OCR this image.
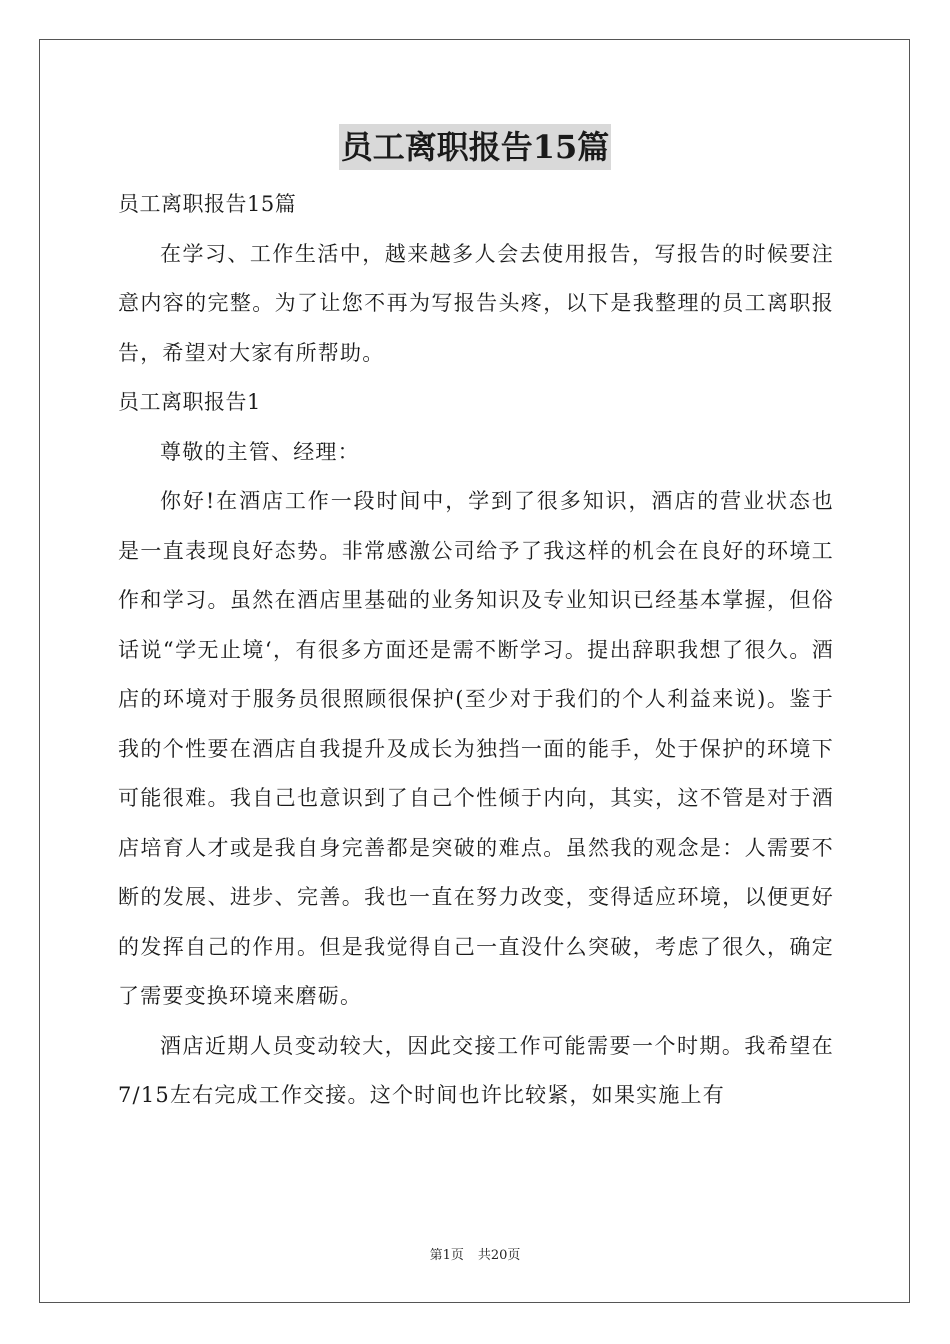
员工离职报告15篇

员工离职报告15篇

在学习、工作生活中，越来越多人会去使用报告，写报告的时候要注意内容的完整。为了让您不再为写报告头疼，以下是我整理的员工离职报告，希望对大家有所帮助。

员工离职报告1

尊敬的主管、经理：

你好!在酒店工作一段时间中，学到了很多知识，酒店的营业状态也是一直表现良好态势。非常感激公司给予了我这样的机会在良好的环境工作和学习。虽然在酒店里基础的业务知识及专业知识已经基本掌握，但俗话说“学无止境‘，有很多方面还是需不断学习。提出辞职我想了很久。酒店的环境对于服务员很照顾很保护(至少对于我们的个人利益来说)。鉴于我的个性要在酒店自我提升及成长为独挡一面的能手，处于保护的环境下可能很难。我自己也意识到了自己个性倾于内向，其实，这不管是对于酒店培育人才或是我自身完善都是突破的难点。虽然我的观念是：人需要不断的发展、进步、完善。我也一直在努力改变，变得适应环境，以便更好的发挥自己的作用。但是我觉得自己一直没什么突破，考虑了很久，确定了需要变换环境来磨砺。

酒店近期人员变动较大，因此交接工作可能需要一个时期。我希望在7/15左右完成工作交接。这个时间也许比较紧，如果实施上有

第1页 共20页
